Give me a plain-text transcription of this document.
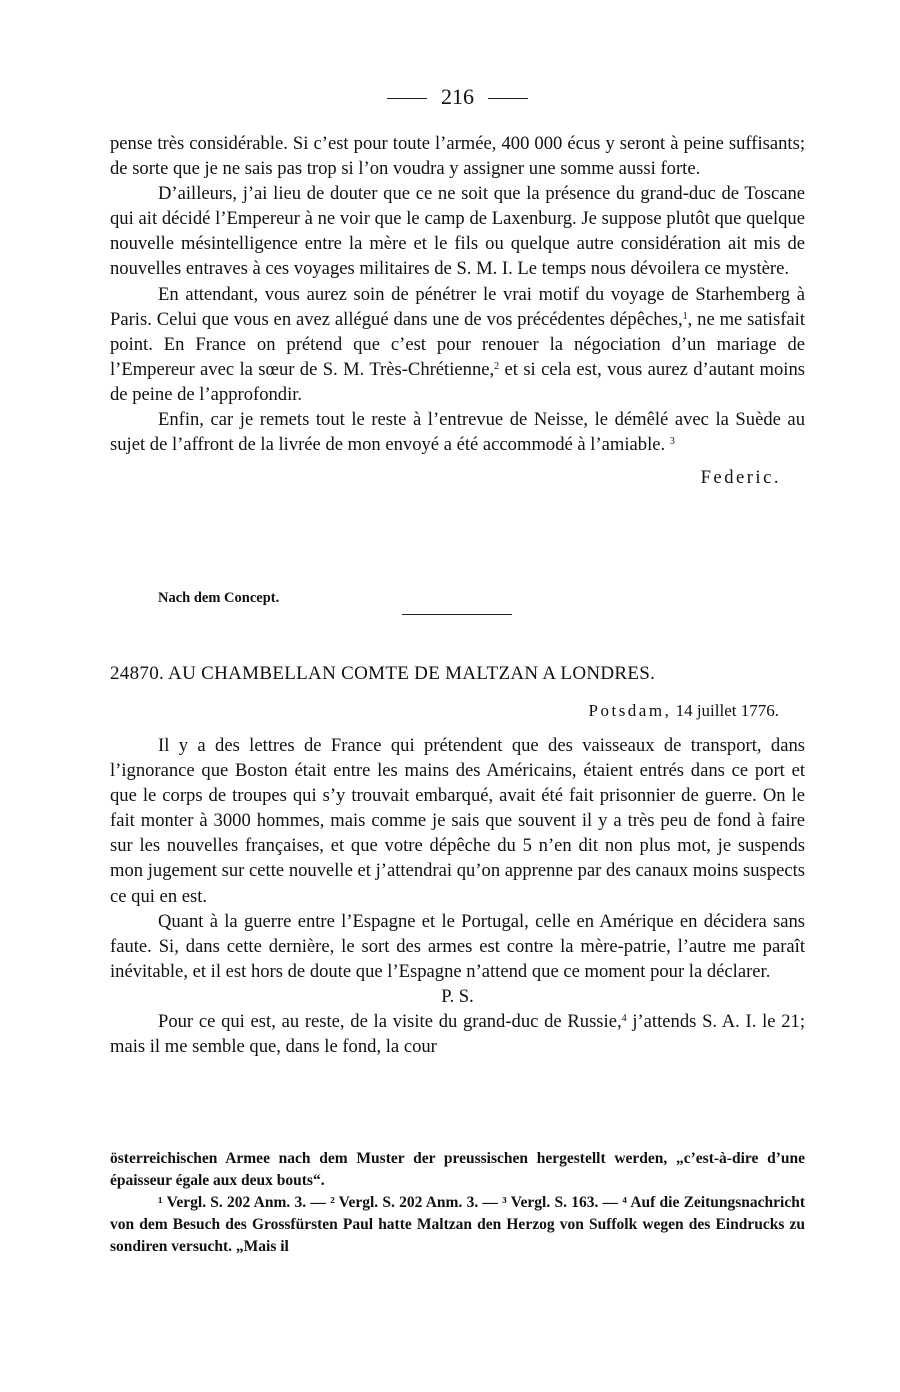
216

pense très considérable. Si c’est pour toute l’armée, 400 000 écus y seront à peine suffisants; de sorte que je ne sais pas trop si l’on voudra y assigner une somme aussi forte.

D’ailleurs, j’ai lieu de douter que ce ne soit que la présence du grand-duc de Toscane qui ait décidé l’Empereur à ne voir que le camp de Laxenburg. Je suppose plutôt que quelque nouvelle mésintelligence entre la mère et le fils ou quelque autre considération ait mis de nouvelles entraves à ces voyages militaires de S. M. I. Le temps nous dévoilera ce mystère.

En attendant, vous aurez soin de pénétrer le vrai motif du voyage de Starhemberg à Paris. Celui que vous en avez allégué dans une de vos précédentes dépêches,$^1$, ne me satisfait point. En France on prétend que c’est pour renouer la négociation d’un mariage de l’Empereur avec la sœur de S. M. Très-Chrétienne,$^2$ et si cela est, vous aurez d’autant moins de peine de l’approfondir.

Enfin, car je remets tout le reste à l’entrevue de Neisse, le démêlé avec la Suède au sujet de l’affront de la livrée de mon envoyé a été accommodé à l’amiable. $^3$

Federic.
Nach dem Concept.
24870. AU CHAMBELLAN COMTE DE MALTZAN A LONDRES.
Potsdam, 14 juillet 1776.

Il y a des lettres de France qui prétendent que des vaisseaux de transport, dans l’ignorance que Boston était entre les mains des Américains, étaient entrés dans ce port et que le corps de troupes qui s’y trouvait embarqué, avait été fait prisonnier de guerre. On le fait monter à 3000 hommes, mais comme je sais que souvent il y a très peu de fond à faire sur les nouvelles françaises, et que votre dépêche du 5 n’en dit non plus mot, je suspends mon jugement sur cette nouvelle et j’attendrai qu’on apprenne par des canaux moins suspects ce qui en est.

Quant à la guerre entre l’Espagne et le Portugal, celle en Amérique en décidera sans faute. Si, dans cette dernière, le sort des armes est contre la mère-patrie, l’autre me paraît inévitable, et il est hors de doute que l’Espagne n’attend que ce moment pour la déclarer.

P. S.

Pour ce qui est, au reste, de la visite du grand-duc de Russie,$^4$ j’attends S. A. I. le 21; mais il me semble que, dans le fond, la cour

österreichischen Armee nach dem Muster der preussischen hergestellt werden, „c’est-à-dire d’une épaisseur égale aux deux bouts“.

¹ Vergl. S. 202 Anm. 3. — ² Vergl. S. 202 Anm. 3. — ³ Vergl. S. 163. — ⁴ Auf die Zeitungsnachricht von dem Besuch des Grossfürsten Paul hatte Maltzan den Herzog von Suffolk wegen des Eindrucks zu sondiren versucht. „Mais il
